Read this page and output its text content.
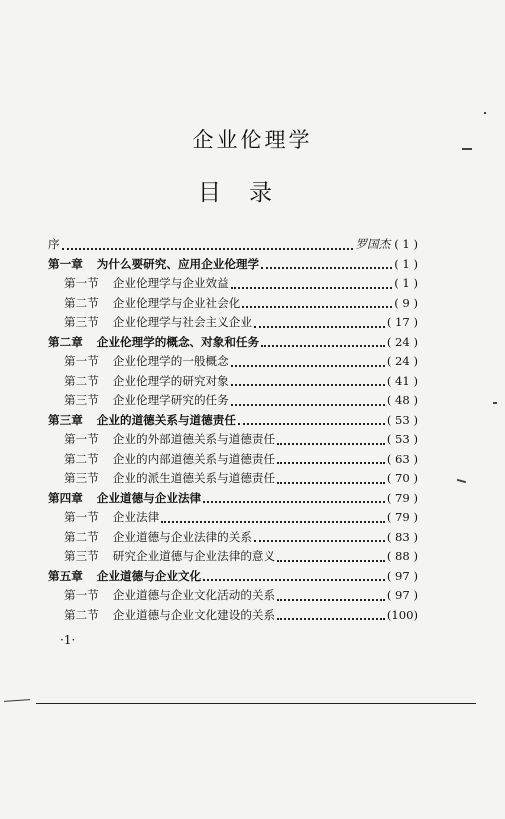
企业伦理学
目 录
序	罗国杰 ( 1 )
第一章 为什么要研究、应用企业伦理学	( 1 )
第一节 企业伦理学与企业效益	( 1 )
第二节 企业伦理学与企业社会化	( 9 )
第三节 企业伦理学与社会主义企业	( 17 )
第二章 企业伦理学的概念、对象和任务	( 24 )
第一节 企业伦理学的一般概念	( 24 )
第二节 企业伦理学的研究对象	( 41 )
第三节 企业伦理学研究的任务	( 48 )
第三章 企业的道德关系与道德责任	( 53 )
第一节 企业的外部道德关系与道德责任	( 53 )
第二节 企业的内部道德关系与道德责任	( 63 )
第三节 企业的派生道德关系与道德责任	( 70 )
第四章 企业道德与企业法律	( 79 )
第一节 企业法律	( 79 )
第二节 企业道德与企业法律的关系	( 83 )
第三节 研究企业道德与企业法律的意义	( 88 )
第五章 企业道德与企业文化	( 97 )
第一节 企业道德与企业文化活动的关系	( 97 )
第二节 企业道德与企业文化建设的关系	(100)
·1·
